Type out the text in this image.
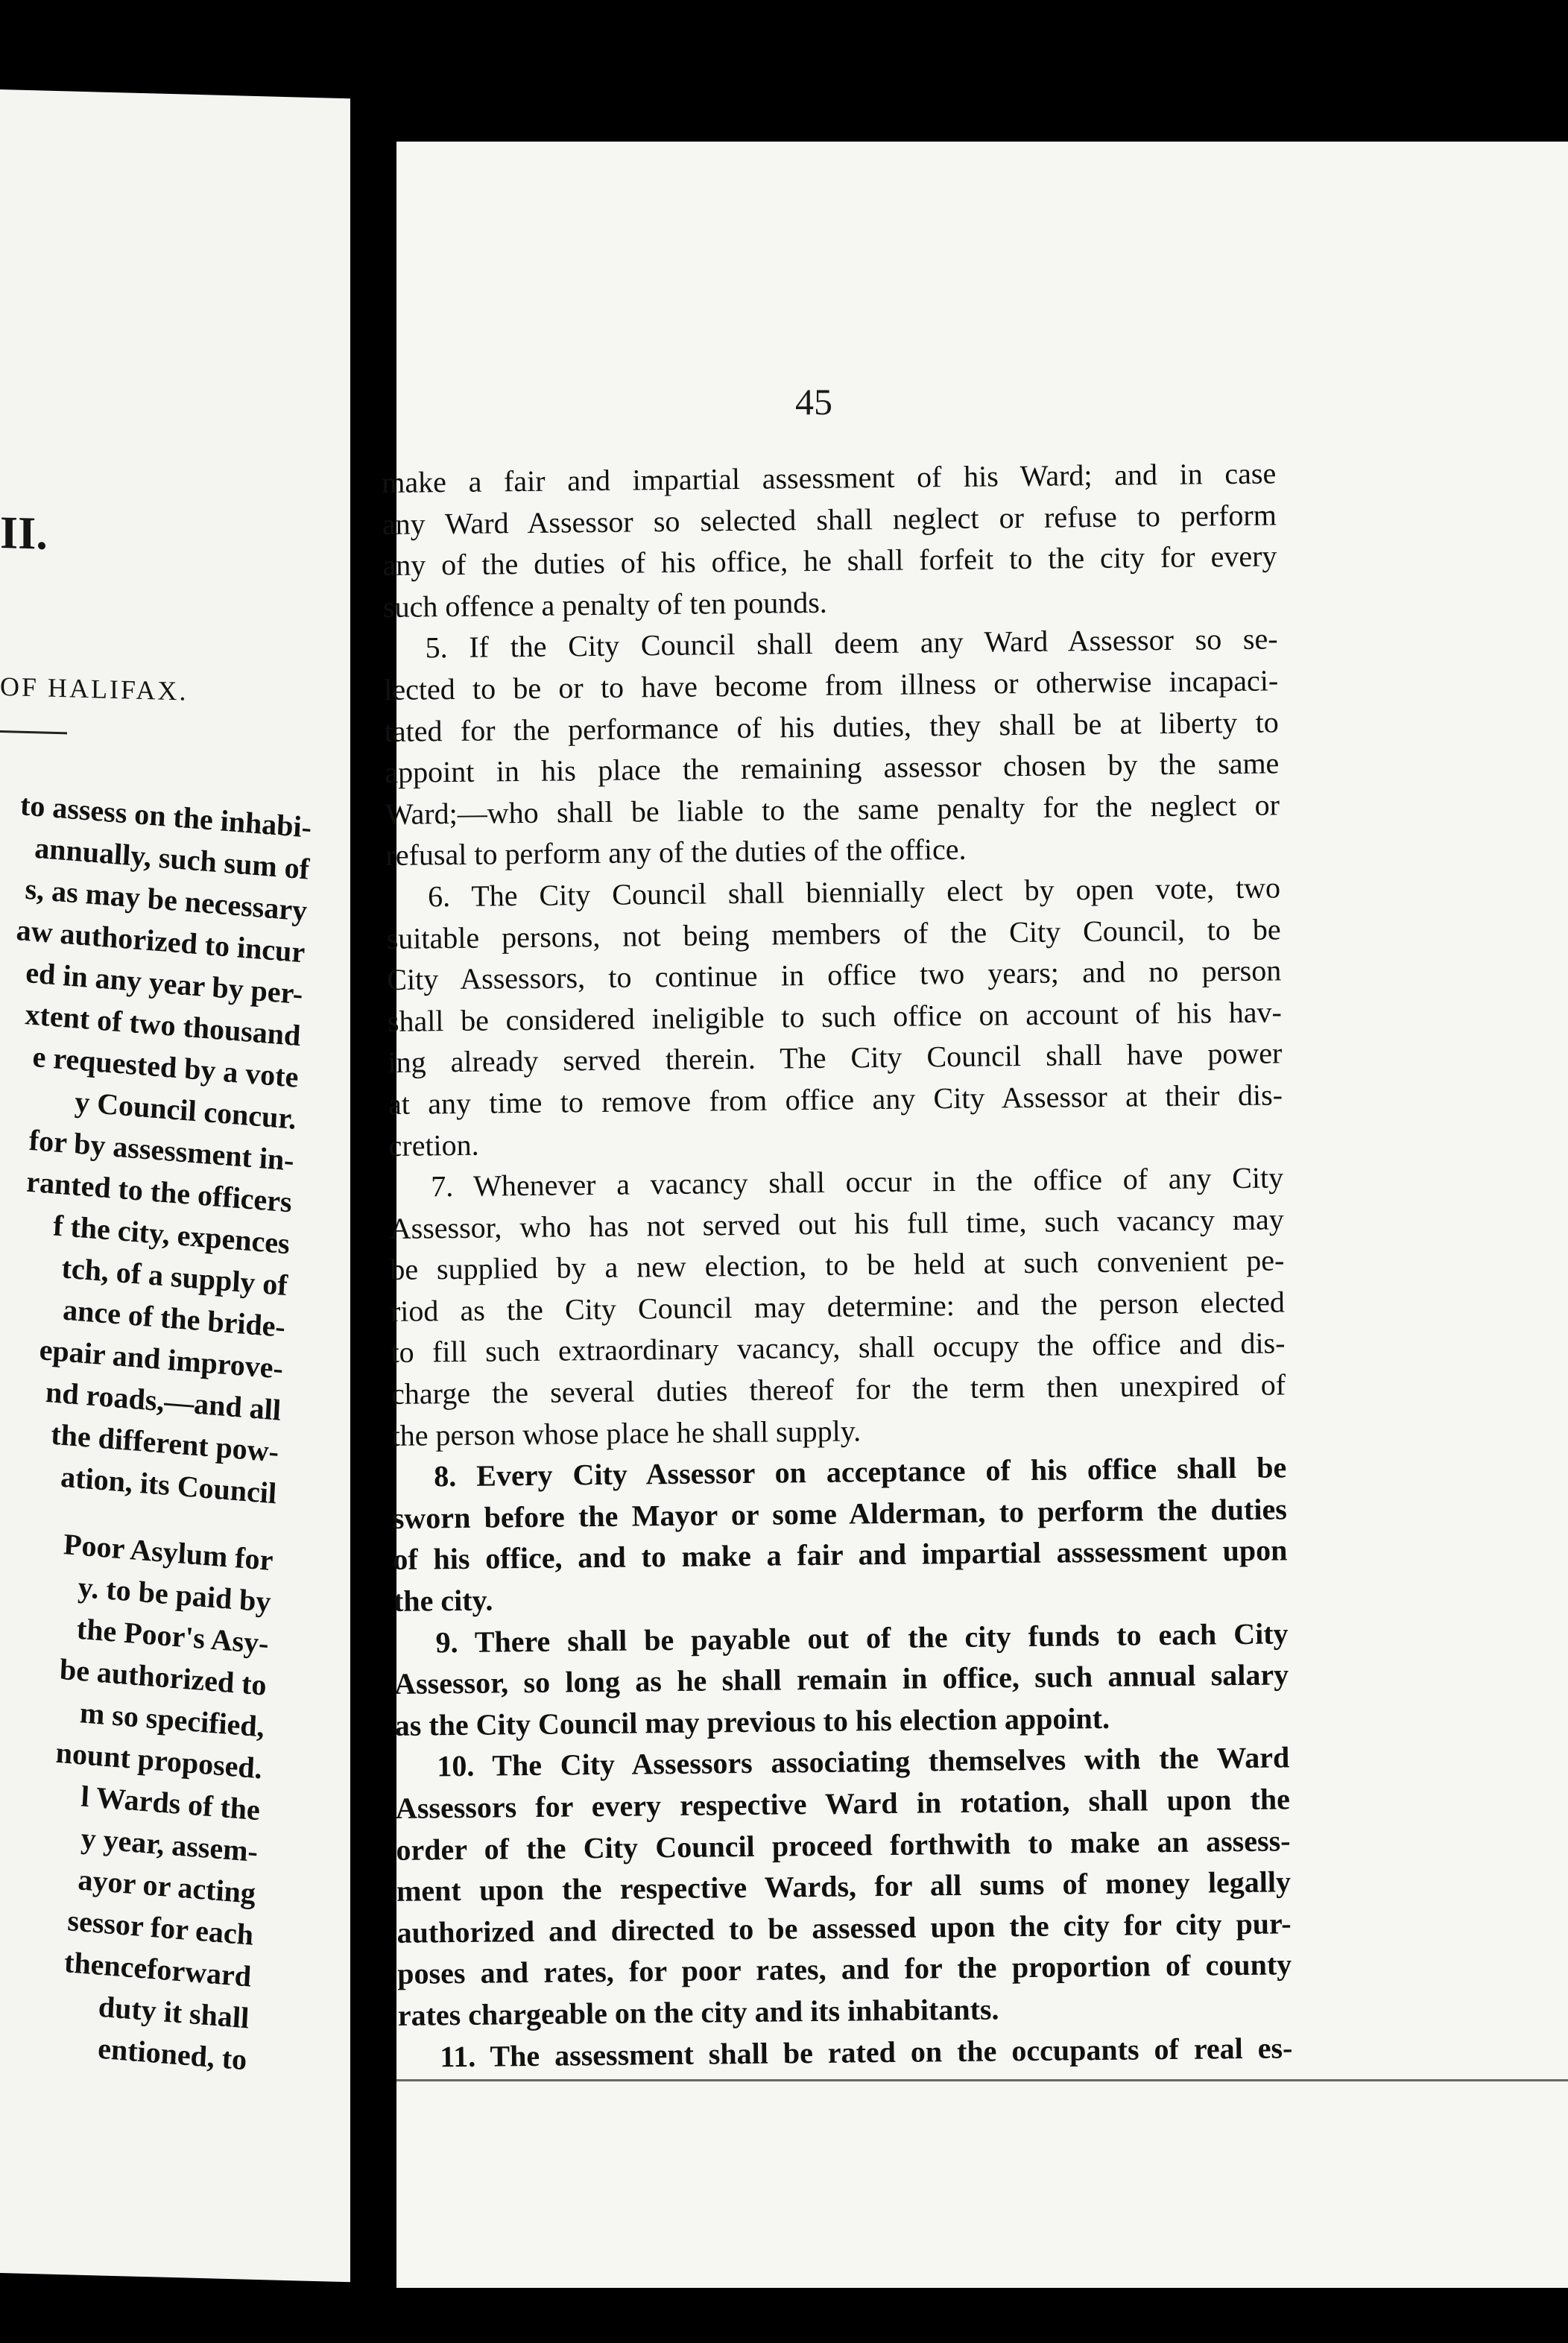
II.
OF HALIFAX.
to assess on the inhabi-
annually, such sum of
s, as may be necessary
aw authorized to incur
ed in any year by per-
xtent of two thousand
e requested by a vote
y Council concur.
for by assessment in-
ranted to the officers
f the city, expences
tch, of a supply of
ance of the bride-
epair and improve-
nd roads,—and all
the different pow-
ation, its Council
Poor Asylum for
y. to be paid by
the Poor's Asy-
be authorized to
m so specified,
nount proposed.
l Wards of the
y year, assem-
ayor or acting
sessor for each
thenceforward
duty it shall
entioned, to
45
make a fair and impartial assessment of his Ward; and in case
any Ward Assessor so selected shall neglect or refuse to perform
any of the duties of his office, he shall forfeit to the city for every
such offence a penalty of ten pounds.
5. If the City Council shall deem any Ward Assessor so se-
lected to be or to have become from illness or otherwise incapaci-
tated for the performance of his duties, they shall be at liberty to
appoint in his place the remaining assessor chosen by the same
Ward;—who shall be liable to the same penalty for the neglect or
refusal to perform any of the duties of the office.
6. The City Council shall biennially elect by open vote, two
suitable persons, not being members of the City Council, to be
City Assessors, to continue in office two years; and no person
shall be considered ineligible to such office on account of his hav-
ing already served therein. The City Council shall have power
at any time to remove from office any City Assessor at their dis-
cretion.
7. Whenever a vacancy shall occur in the office of any City
Assessor, who has not served out his full time, such vacancy may
be supplied by a new election, to be held at such convenient pe-
riod as the City Council may determine: and the person elected
to fill such extraordinary vacancy, shall occupy the office and dis-
charge the several duties thereof for the term then unexpired of
the person whose place he shall supply.
8. Every City Assessor on acceptance of his office shall be
sworn before the Mayor or some Alderman, to perform the duties
of his office, and to make a fair and impartial asssessment upon
the city.
9. There shall be payable out of the city funds to each City
Assessor, so long as he shall remain in office, such annual salary
as the City Council may previous to his election appoint.
10. The City Assessors associating themselves with the Ward
Assessors for every respective Ward in rotation, shall upon the
order of the City Council proceed forthwith to make an assess-
ment upon the respective Wards, for all sums of money legally
authorized and directed to be assessed upon the city for city pur-
poses and rates, for poor rates, and for the proportion of county
rates chargeable on the city and its inhabitants.
11. The assessment shall be rated on the occupants of real es-
